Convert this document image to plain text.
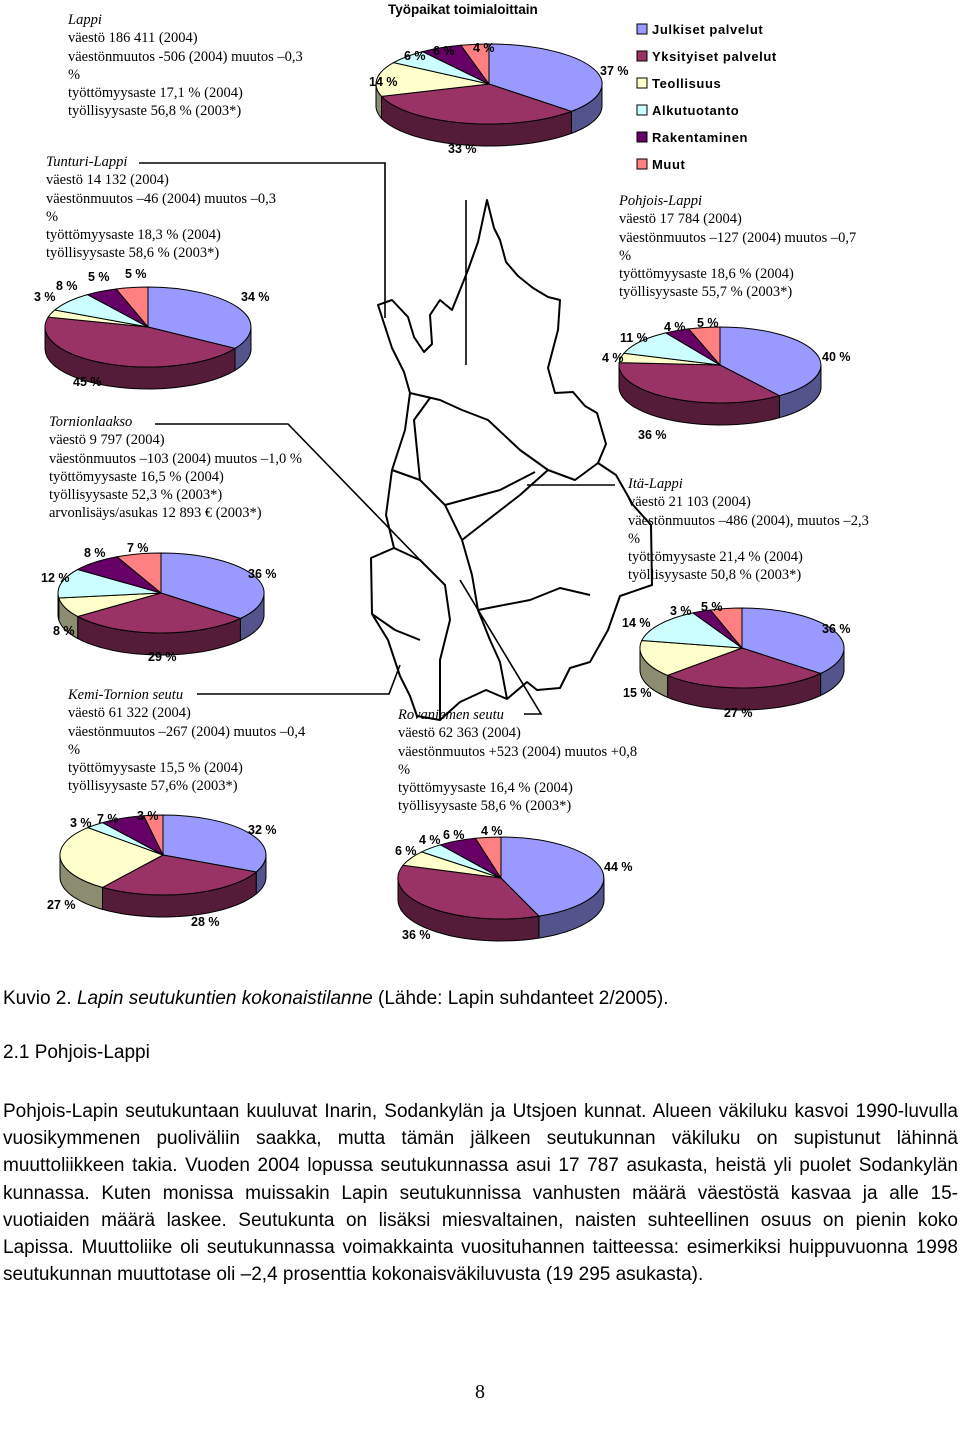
Lappi
väestö 186 411 (2004)
väestönmuutos -506 (2004) muutos –0,3
%
työttömyysaste 17,1 % (2004)
työllisyysaste 56,8 % (2003*)
Tunturi-Lappi
väestö 14 132 (2004)
väestönmuutos –46 (2004) muutos –0,3
%
työttömyysaste 18,3 % (2004)
työllisyysaste 58,6 % (2003*)
Pohjois-Lappi
väestö 17 784 (2004)
väestönmuutos –127 (2004) muutos –0,7
%
työttömyysaste 18,6 % (2004)
työllisyysaste 55,7 % (2003*)
Tornionlaakso
väestö 9 797 (2004)
väestönmuutos –103 (2004) muutos –1,0 %
työttömyysaste 16,5 % (2004)
työllisyysaste 52,3 % (2003*)
arvonlisäys/asukas 12 893 € (2003*)
Itä-Lappi
väestö 21 103 (2004)
väestönmuutos –486 (2004), muutos –2,3
%
työttömyysaste 21,4 % (2004)
työllisyysaste 50,8 % (2003*)
Kemi-Tornion seutu
väestö 61 322 (2004)
väestönmuutos –267 (2004) muutos –0,4
%
työttömyysaste 15,5 % (2004)
työllisyysaste 57,6% (2003*)
Rovaniemen seutu
väestö 62 363 (2004)
väestönmuutos +523 (2004) muutos +0,8
%
työttömyysaste 16,4 % (2004)
työllisyysaste 58,6 % (2003*)
37 %
33 %
14 %
6 % 6 % 4 %
34 %
45 %
3 %
8 %
5 % 5 %
40 %
36 %
4 %
11 %
4 % 5 %
36 %
29 %
8 %
12 %
8 % 7 %
36 %
27 %
15 %
14 %
3 % 5 %
32 %
28 %
27 %
3 % 7 % 3 %
44 %
36 %
6 %
4 % 6 % 4 %
Työpaikat toimialoittain
Julkiset palvelut
Yksityiset palvelut
Teollisuus
Alkutuotanto
Rakentaminen
Muut
Kuvio 2. Lapin seutukuntien kokonaistilanne (Lähde: Lapin suhdanteet 2/2005).
2.1 Pohjois-Lappi
Pohjois-Lapin seutukuntaan kuuluvat Inarin, Sodankylän ja Utsjoen kunnat. Alueen väkiluku kasvoi 1990-luvulla vuosikymmenen puoliväliin saakka, mutta tämän jälkeen seutukunnan väkiluku on supistunut lähinnä muuttoliikkeen takia. Vuoden 2004 lopussa seutukunnassa asui 17 787 asukasta, heistä yli puolet Sodankylän kunnassa. Kuten monissa muissakin Lapin seutukunnissa vanhusten määrä väestöstä kasvaa ja alle 15-vuotiaiden määrä laskee. Seutukunta on lisäksi miesvaltainen, naisten suhteellinen osuus on pienin koko Lapissa. Muuttoliike oli seutukunnassa voimakkainta vuosituhannen taitteessa: esimerkiksi huippuvuonna 1998 seutukunnan muuttotase oli –2,4 prosenttia kokonaisväkiluvusta (19 295 asukasta).
8
